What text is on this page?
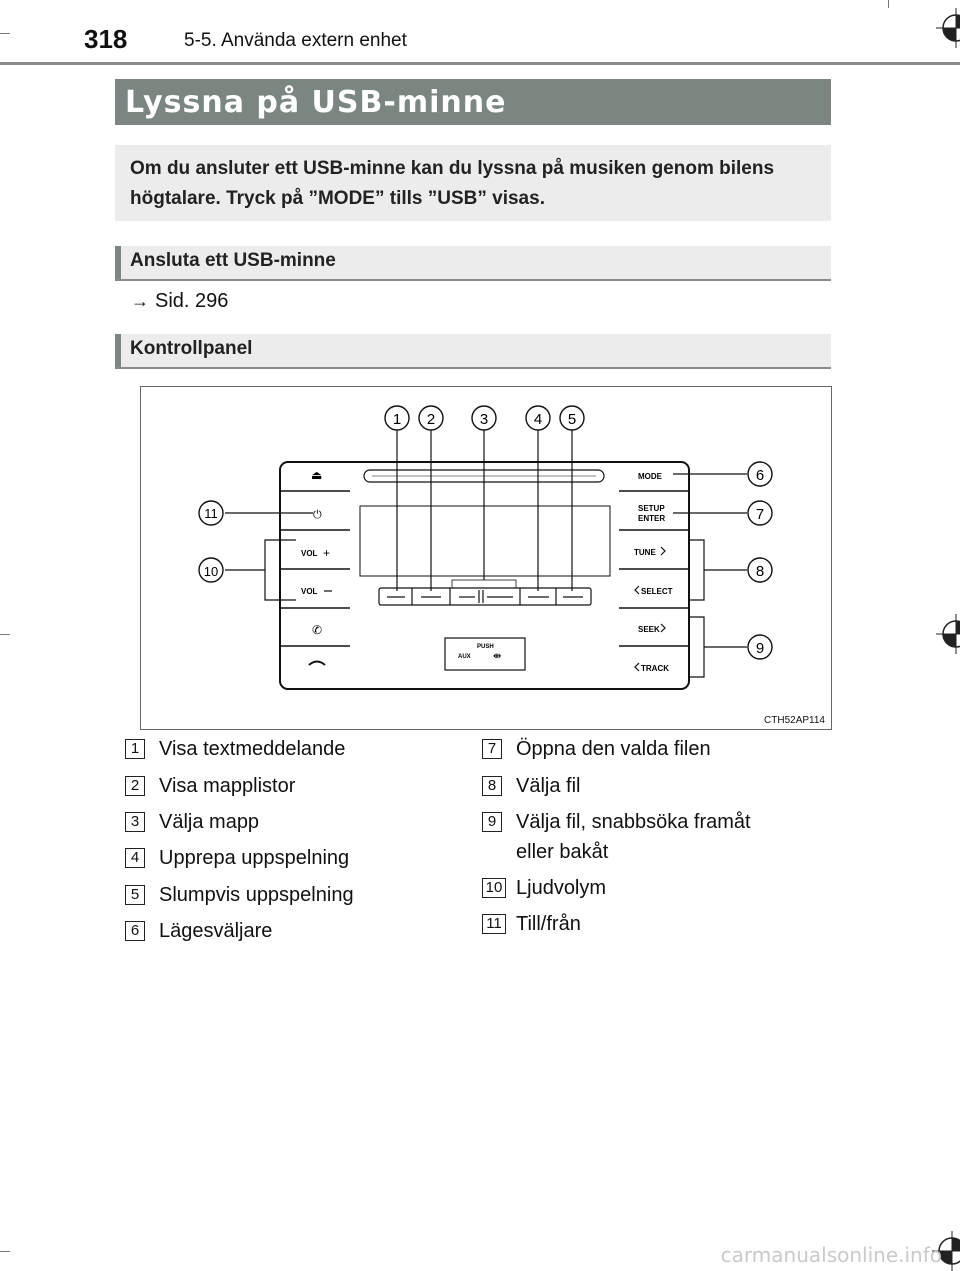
318	5-5. Använda extern enhet
Lyssna på USB-minne

Om du ansluter ett USB-minne kan du lyssna på musiken genom bilens högtalare. Tryck på ”MODE” tills ”USB” visas.

Ansluta ett USB-minne
→ Sid. 296
Kontrollpanel
PUSH
AUX ⇼
⏏
⏻
VOL +
VOL
✆
MODE
SETUP
ENTER
TUNE
SELECT
SEEK
TRACK
1 2	3	4 5
6
7
8
9
10
11
CTH52AP114
1 Visa textmeddelande
2 Visa mapplistor
3 Välja mapp
4 Upprepa uppspelning
5 Slumpvis uppspelning
6 Lägesväljare
7 Öppna den valda filen
8 Välja fil
9 Välja fil, snabbsöka framåt
eller bakåt
10 Ljudvolym
11 Till/från
carmanualsonline.info
